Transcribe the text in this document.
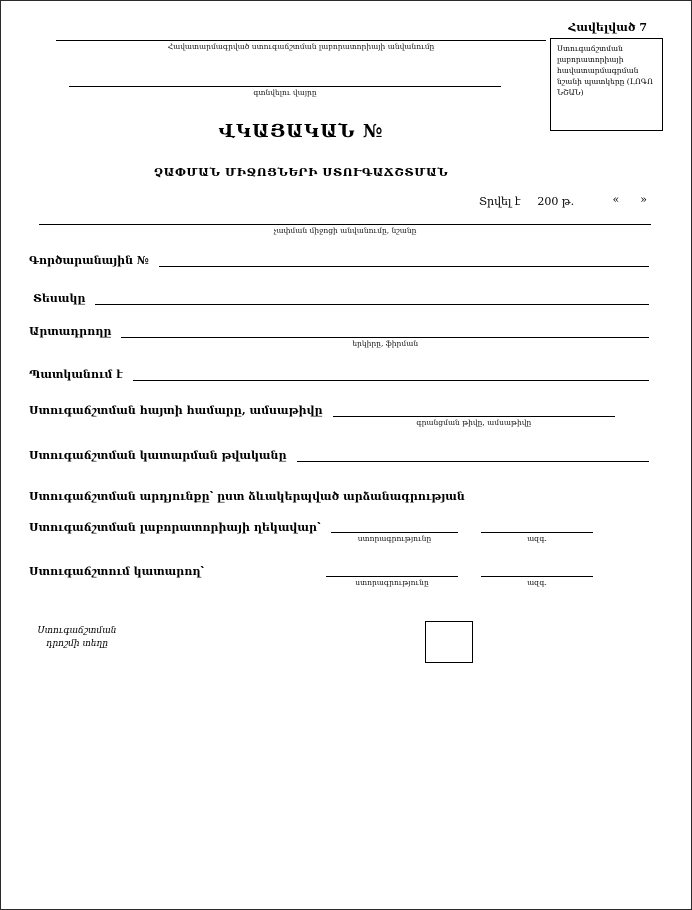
Հավելված 7
Հավատարմագրված ստուգաճշտման լաբորատորիայի անվանումը	Ստուգաճշտման լաբորատորիայի հավատարմագրման նշանի պատկերը (ԼՈԳՈ ՆՇԱՆ)
գտնվելու վայրը
ՎԿԱՅԱԿԱՆ №
ՉԱՓՄԱՆ ՄԻՋՈՑՆԵՐԻ ՍՏՈՒԳԱՃՇՏՄԱՆ
Տրվել է 200 թ.	«      »
չափման միջոցի անվանումը, նշանը
Գործարանային №
Տեսակը
Արտադրողը
երկիրը, ֆիրման
Պատկանում է
Ստուգաճշտման հայտի համարը, ամսաթիվը
գրանցման թիվը, ամսաթիվը
Ստուգաճշտման կատարման թվականը
Ստուգաճշտման արդյունքը՝ ըստ ձևակերպված արձանագրության
Ստուգաճշտման լաբորատորիայի ղեկավար՝
ստորագրությունը	ազգ.
Ստուգաճշտում կատարող՝
ստորագրությունը	ազգ.
Ստուգաճշտման
դրոշմի տեղը
